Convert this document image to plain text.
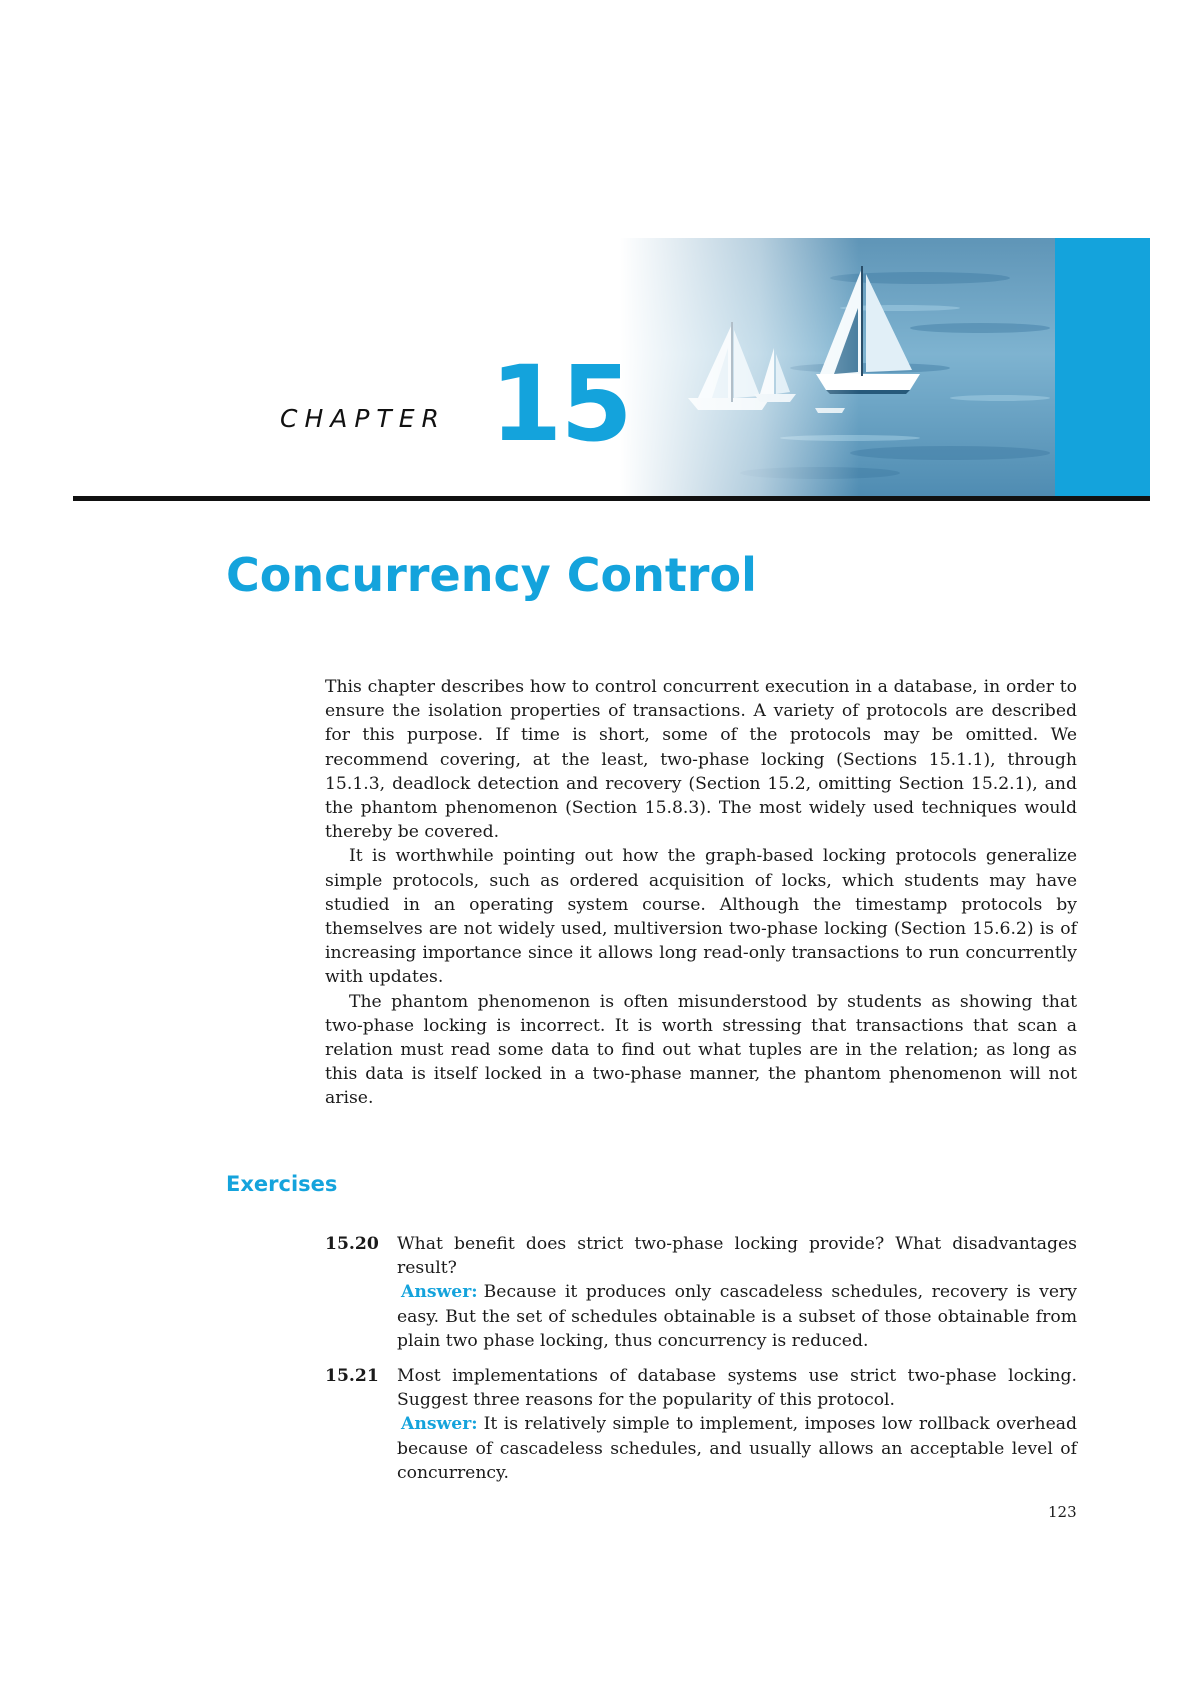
CHAPTER 15
Concurrency Control

This chapter describes how to control concurrent execution in a database, in order to ensure the isolation properties of transactions. A variety of protocols are described for this purpose. If time is short, some of the protocols may be omitted. We recommend covering, at the least, two-phase locking (Sections 15.1.1), through 15.1.3, deadlock detection and recovery (Section 15.2, omitting Section 15.2.1), and the phantom phenomenon (Section 15.8.3). The most widely used techniques would thereby be covered.

It is worthwhile pointing out how the graph-based locking protocols generalize simple protocols, such as ordered acquisition of locks, which students may have studied in an operating system course. Although the timestamp protocols by themselves are not widely used, multiversion two-phase locking (Section 15.6.2) is of increasing importance since it allows long read-only transactions to run concurrently with updates.

The phantom phenomenon is often misunderstood by students as showing that two-phase locking is incorrect. It is worth stressing that transactions that scan a relation must read some data to find out what tuples are in the relation; as long as this data is itself locked in a two-phase manner, the phantom phenomenon will not arise.

Exercises
15.20 What benefit does strict two-phase locking provide? What disadvantages result?
Answer: Because it produces only cascadeless schedules, recovery is very easy. But the set of schedules obtainable is a subset of those obtainable from plain two phase locking, thus concurrency is reduced.
15.21 Most implementations of database systems use strict two-phase locking. Suggest three reasons for the popularity of this protocol.
Answer: It is relatively simple to implement, imposes low rollback overhead because of cascadeless schedules, and usually allows an acceptable level of concurrency.
123
